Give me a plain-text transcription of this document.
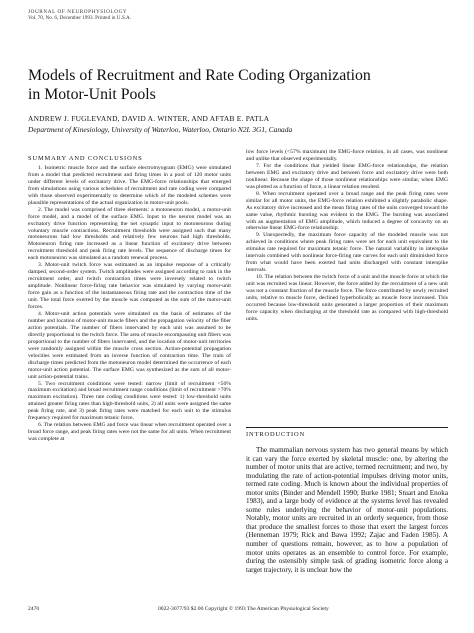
JOURNAL OF NEUROPHYSIOLOGY
Vol. 70, No. 6, December 1993. Printed in U.S.A.
Models of Recruitment and Rate Coding Organization
in Motor-Unit Pools
ANDREW J. FUGLEVAND, DAVID A. WINTER, AND AFTAB E. PATLA
Department of Kinesiology, University of Waterloo, Waterloo, Ontario N2L 3G1, Canada
SUMMARY AND CONCLUSIONS

1. Isometric muscle force and the surface electromyogram (EMG) were simulated from a model that predicted recruitment and firing times in a pool of 120 motor units under different levels of excitatory drive. The EMG-force relationships that emerged from simulations using various schedules of recruitment and rate coding were compared with those observed experimentally to determine which of the modeled schemes were plausible representations of the actual organization in motor-unit pools.

2. The model was comprised of three elements: a motoneuron model, a motor-unit force model, and a model of the surface EMG. Input to the neuron model was an excitatory drive function representing the net synaptic input to motoneurons during voluntary muscle contractions. Recruitment thresholds were assigned such that many motoneurons had low thresholds and relatively few neurons had high thresholds. Motoneuron firing rate increased as a linear function of excitatory drive between recruitment threshold and peak firing rate levels. The sequence of discharge times for each motoneuron was simulated as a random renewal process.

3. Motor-unit twitch force was estimated as an impulse response of a critically damped, second-order system. Twitch amplitudes were assigned according to rank in the recruitment order, and twitch contraction times were inversely related to twitch amplitude. Nonlinear force-firing rate behavior was simulated by varying motor-unit force gain as a function of the instantaneous firing rate and the contraction time of the unit. The total force exerted by the muscle was computed as the sum of the motor-unit forces.

4. Motor-unit action potentials were simulated on the basis of estimates of the number and location of motor-unit muscle fibers and the propagation velocity of the fiber action potentials. The number of fibers innervated by each unit was assumed to be directly proportional to the twitch force. The area of muscle encompassing unit fibers was proportional to the number of fibers innervated, and the location of motor-unit territories were randomly assigned within the muscle cross section. Action-potential propagation velocities were estimated from an inverse function of contraction time. The train of discharge times predicted from the motoneuron model determined the occurrence of each motor-unit action potential. The surface EMG was synthesized as the sum of all motor-unit action-potential trains.

5. Two recruitment conditions were tested: narrow (limit of recruitment <50% maximum excitation) and broad recruitment range conditions (limit of recruitment >70% maximum excitation). Three rate coding conditions were tested: 1) low-threshold units attained greater firing rates than high-threshold units, 2) all units were assigned the same peak firing rate, and 3) peak firing rates were matched for each unit to the stimulus frequency required for maximum tetanic force.

6. The relation between EMG and force was linear when recruitment operated over a broad force range, and peak firing rates were not the same for all units. When recruitment was complete at

low force levels (<57% maximum) the EMG-force relation, in all cases, was nonlinear and unlike that observed experimentally.

7. For the conditions that yielded linear EMG-force relationships, the relation between EMG and excitatory drive and between force and excitatory drive were both nonlinear. Because the shape of those nonlinear relationships were similar, when EMG was plotted as a function of force, a linear relation resulted.

8. When recruitment operated over a broad range and the peak firing rates were similar for all motor units, the EMG-force relation exhibited a slightly parabolic shape. As excitatory drive increased and the mean firing rates of the units converged toward the same value, rhythmic bursting was evident in the EMG. The bursting was associated with an augmentation of EMG amplitude, which induced a degree of concavity on an otherwise linear EMG-force relationship.

9. Unexpectedly, the maximum force capacity of the modeled muscle was not achieved in conditions where peak firing rates were set for each unit equivalent to the stimulus rate required for maximum tetanic force. The natural variability in interspike intervals combined with nonlinear force-firing rate curves for each unit diminished force from what would have been exerted had units discharged with constant interspike intervals.

10. The relation between the twitch force of a unit and the muscle force at which the unit was recruited was linear. However, the force added by the recruitment of a new unit was not a constant fraction of the muscle force. The force contributed by newly recruited units, relative to muscle force, declined hyperbolically as muscle force increased. This occurred because low-threshold units generated a larger proportion of their maximum force capacity when discharging at the threshold rate as compared with high-threshold units.

INTRODUCTION

The mammalian nervous system has two general means by which it can vary the force exerted by skeletal muscle: one, by altering the number of motor units that are active, termed recruitment; and two, by modulating the rate of action-potential impulses driving motor units, termed rate coding. Much is known about the individual properties of motor units (Binder and Mendell 1990; Burke 1981; Stuart and Enoka 1983), and a large body of evidence at the systems level has revealed some rules underlying the behavior of motor-unit populations. Notably, motor units are recruited in an orderly sequence, from those that produce the smallest forces to those that exert the largest forces (Henneman 1979; Rick and Bawa 1992; Zajac and Faden 1985). A number of questions remain, however, as to how a population of motor units operates as an ensemble to control force. For example, during the ostensibly simple task of grading isometric force along a target trajectory, it is unclear how the

2470	0022-3077/93 $2.00 Copyright © 1993 The American Physiological Society
